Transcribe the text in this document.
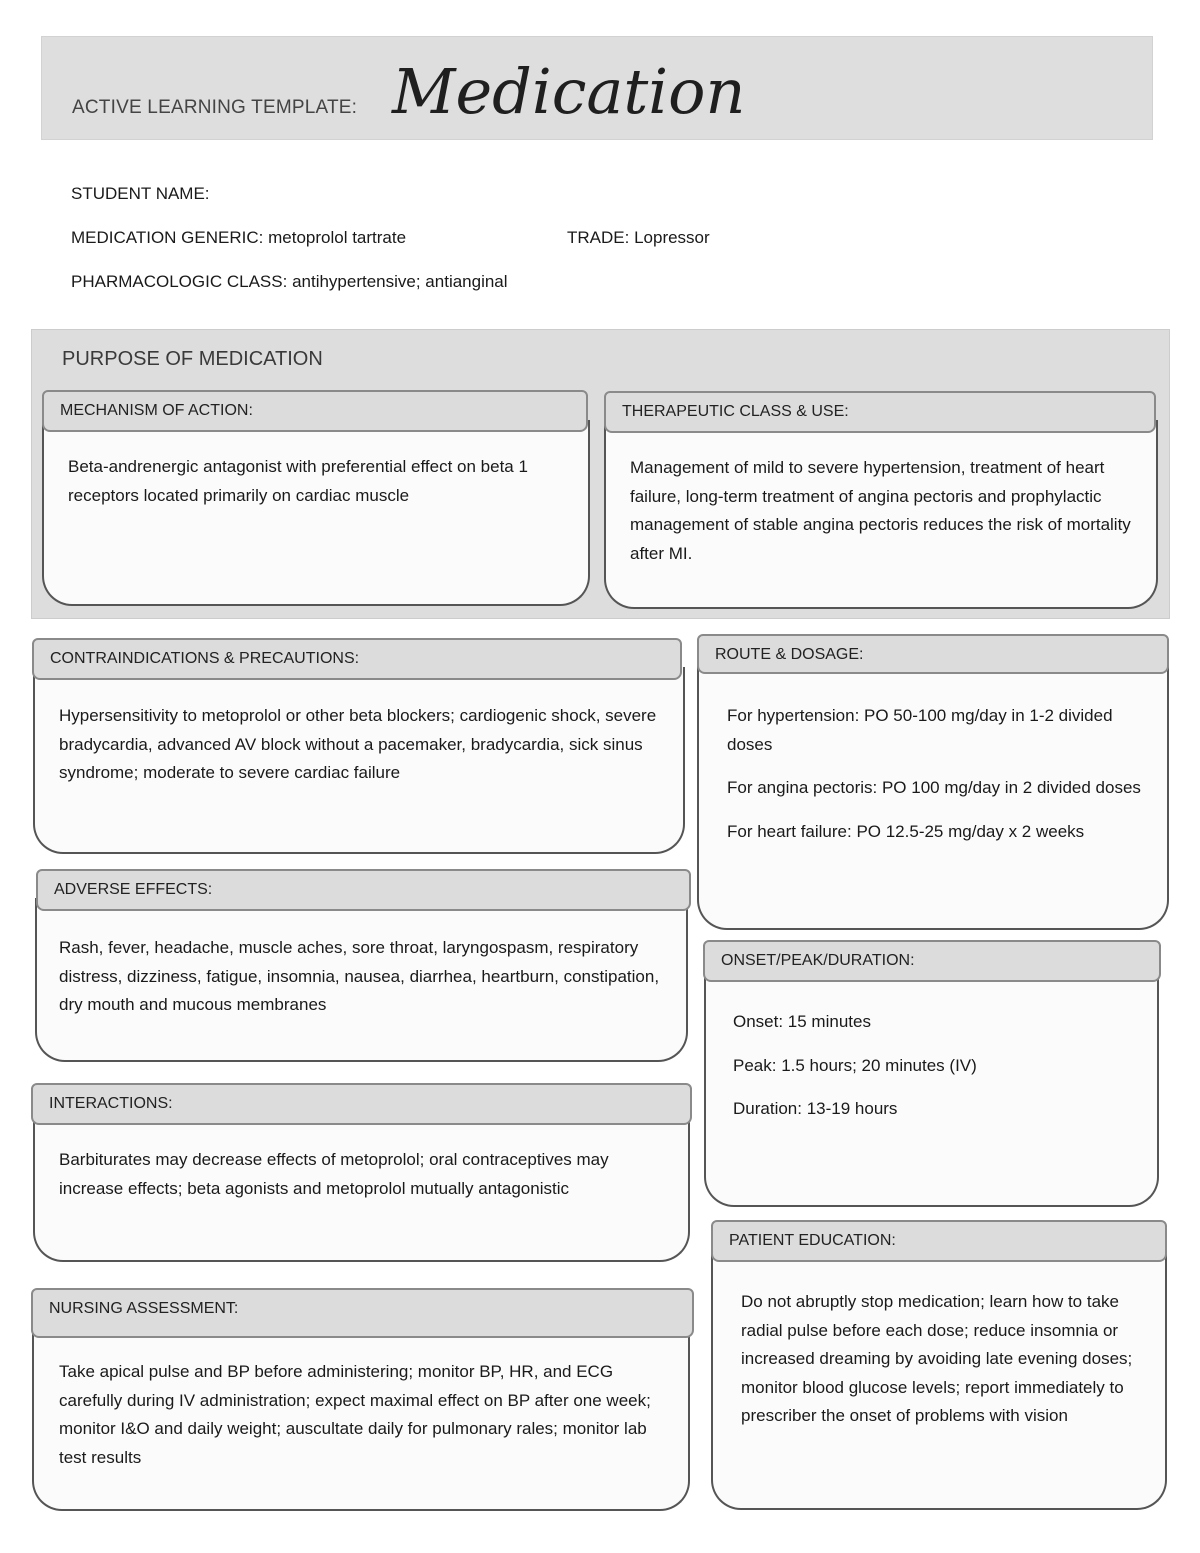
ACTIVE LEARNING TEMPLATE: Medication
STUDENT NAME:
MEDICATION GENERIC: metoprolol tartrate	TRADE: Lopressor
PHARMACOLOGIC CLASS: antihypertensive; antianginal
PURPOSE OF MEDICATION
MECHANISM OF ACTION:
Beta-andrenergic antagonist with preferential effect on beta 1 receptors located primarily on cardiac muscle
THERAPEUTIC CLASS & USE:
Management of mild to severe hypertension, treatment of heart failure, long-term treatment of angina pectoris and prophylactic management of stable angina pectoris reduces the risk of mortality after MI.
CONTRAINDICATIONS & PRECAUTIONS:
Hypersensitivity to metoprolol or other beta blockers; cardiogenic shock, severe bradycardia, advanced AV block without a pacemaker, bradycardia, sick sinus syndrome; moderate to severe cardiac failure
ROUTE & DOSAGE:

For hypertension: PO 50-100 mg/day in 1-2 divided doses

For angina pectoris: PO 100 mg/day in 2 divided doses

For heart failure: PO 12.5-25 mg/day x 2 weeks

ADVERSE EFFECTS:
Rash, fever, headache, muscle aches, sore throat, laryngospasm, respiratory distress, dizziness, fatigue, insomnia, nausea, diarrhea, heartburn, constipation, dry mouth and mucous membranes
ONSET/PEAK/DURATION:

Onset: 15 minutes

Peak: 1.5 hours; 20 minutes (IV)

Duration: 13-19 hours

INTERACTIONS:
Barbiturates may decrease effects of metoprolol; oral contraceptives may increase effects; beta agonists and metoprolol mutually antagonistic
PATIENT EDUCATION:
Do not abruptly stop medication; learn how to take radial pulse before each dose; reduce insomnia or increased dreaming by avoiding late evening doses; monitor blood glucose levels; report immediately to prescriber the onset of problems with vision
NURSING ASSESSMENT:
Take apical pulse and BP before administering; monitor BP, HR, and ECG carefully during IV administration; expect maximal effect on BP after one week; monitor I&O and daily weight; auscultate daily for pulmonary rales; monitor lab test results
